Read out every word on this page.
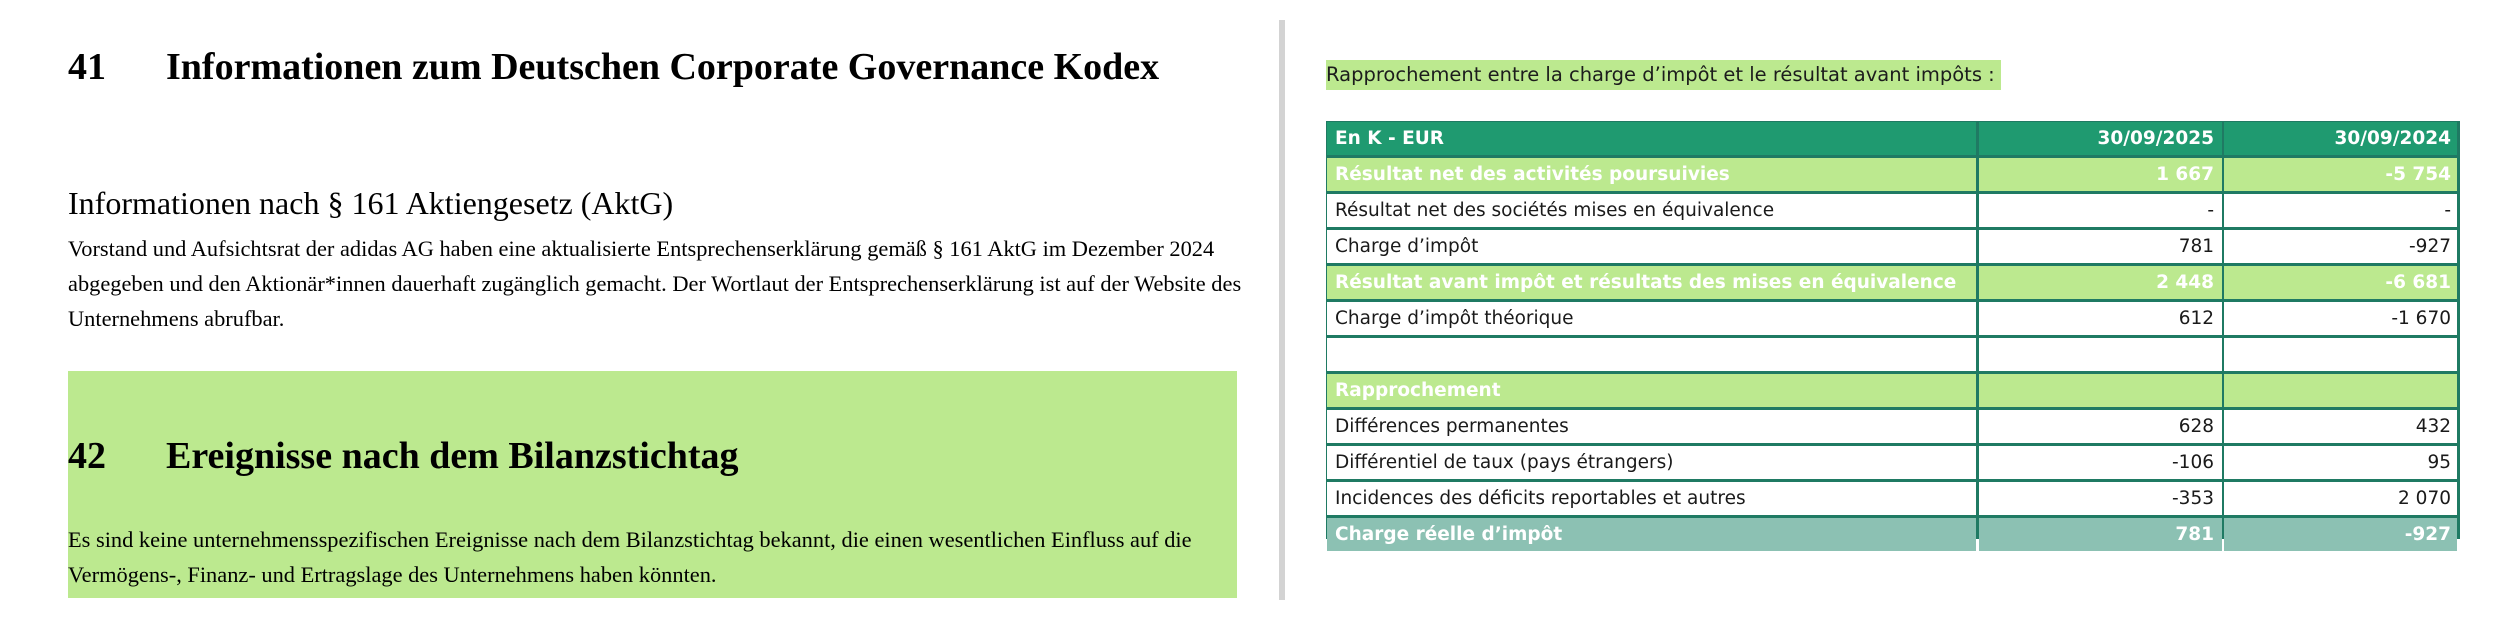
41	Informationen zum Deutschen Corporate Governance Kodex
Informationen nach § 161 Aktiengesetz (AktG)
Vorstand und Aufsichtsrat der adidas AG haben eine aktualisierte Entsprechenserklärung gemäß § 161 AktG im Dezember 2024 abgegeben und den Aktionär*innen dauerhaft zugänglich gemacht. Der Wortlaut der Entsprechenserklärung ist auf der Website des Unternehmens abrufbar.
42	Ereignisse nach dem Bilanzstichtag
Es sind keine unternehmensspezifischen Ereignisse nach dem Bilanzstichtag bekannt, die einen wesentlichen Einfluss auf die Vermögens-, Finanz- und Ertragslage des Unternehmens haben könnten.
Rapprochement entre la charge d’impôt et le résultat avant impôts :
En K - EUR	30/09/2025	30/09/2024
Résultat net des activités poursuivies	1 667	-5 754
Résultat net des sociétés mises en équivalence	-	-
Charge d’impôt	781	-927
Résultat avant impôt et résultats des mises en équivalence	2 448	-6 681
Charge d’impôt théorique	612	-1 670
Rapprochement
Différences permanentes	628	432
Différentiel de taux (pays étrangers)	-106	95
Incidences des déficits reportables et autres	-353	2 070
Charge réelle d’impôt	781	-927
